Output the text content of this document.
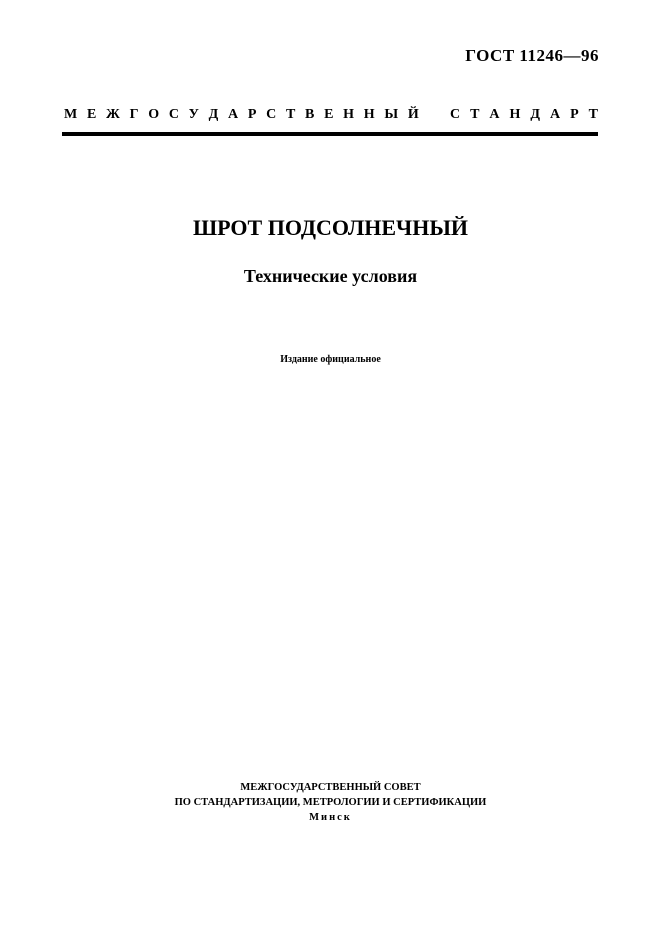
ГОСТ 11246—96
М Е Ж Г О С У Д А Р С Т В Е Н Н Ы Й С Т А Н Д А Р Т
ШРОТ ПОДСОЛНЕЧНЫЙ
Технические условия
Издание официальное
МЕЖГОСУДАРСТВЕННЫЙ СОВЕТ
ПО СТАНДАРТИЗАЦИИ, МЕТРОЛОГИИ И СЕРТИФИКАЦИИ
Минск
